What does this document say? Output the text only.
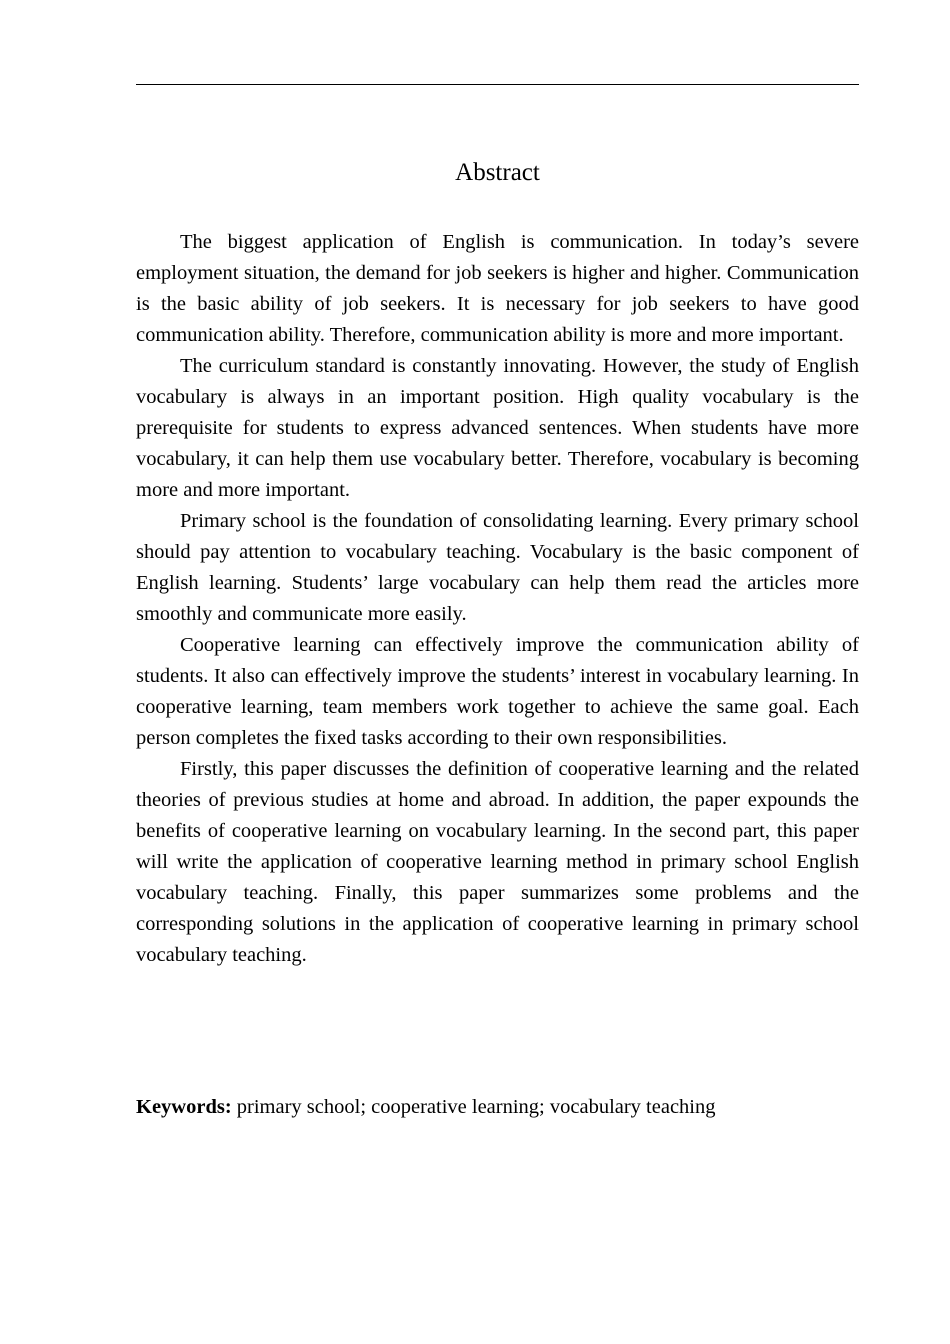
Abstract

The biggest application of English is communication. In today’s severe employment situation, the demand for job seekers is higher and higher. Communication is the basic ability of job seekers. It is necessary for job seekers to have good communication ability. Therefore, communication ability is more and more important.

The curriculum standard is constantly innovating. However, the study of English vocabulary is always in an important position. High quality vocabulary is the prerequisite for students to express advanced sentences. When students have more vocabulary, it can help them use vocabulary better. Therefore, vocabulary is becoming more and more important.

Primary school is the foundation of consolidating learning. Every primary school should pay attention to vocabulary teaching. Vocabulary is the basic component of English learning. Students’ large vocabulary can help them read the articles more smoothly and communicate more easily.

Cooperative learning can effectively improve the communication ability of students. It also can effectively improve the students’ interest in vocabulary learning. In cooperative learning, team members work together to achieve the same goal. Each person completes the fixed tasks according to their own responsibilities.

Firstly, this paper discusses the definition of cooperative learning and the related theories of previous studies at home and abroad. In addition, the paper expounds the benefits of cooperative learning on vocabulary learning. In the second part, this paper will write the application of cooperative learning method in primary school English vocabulary teaching. Finally, this paper summarizes some problems and the corresponding solutions in the application of cooperative learning in primary school vocabulary teaching.

Keywords: primary school; cooperative learning; vocabulary teaching
